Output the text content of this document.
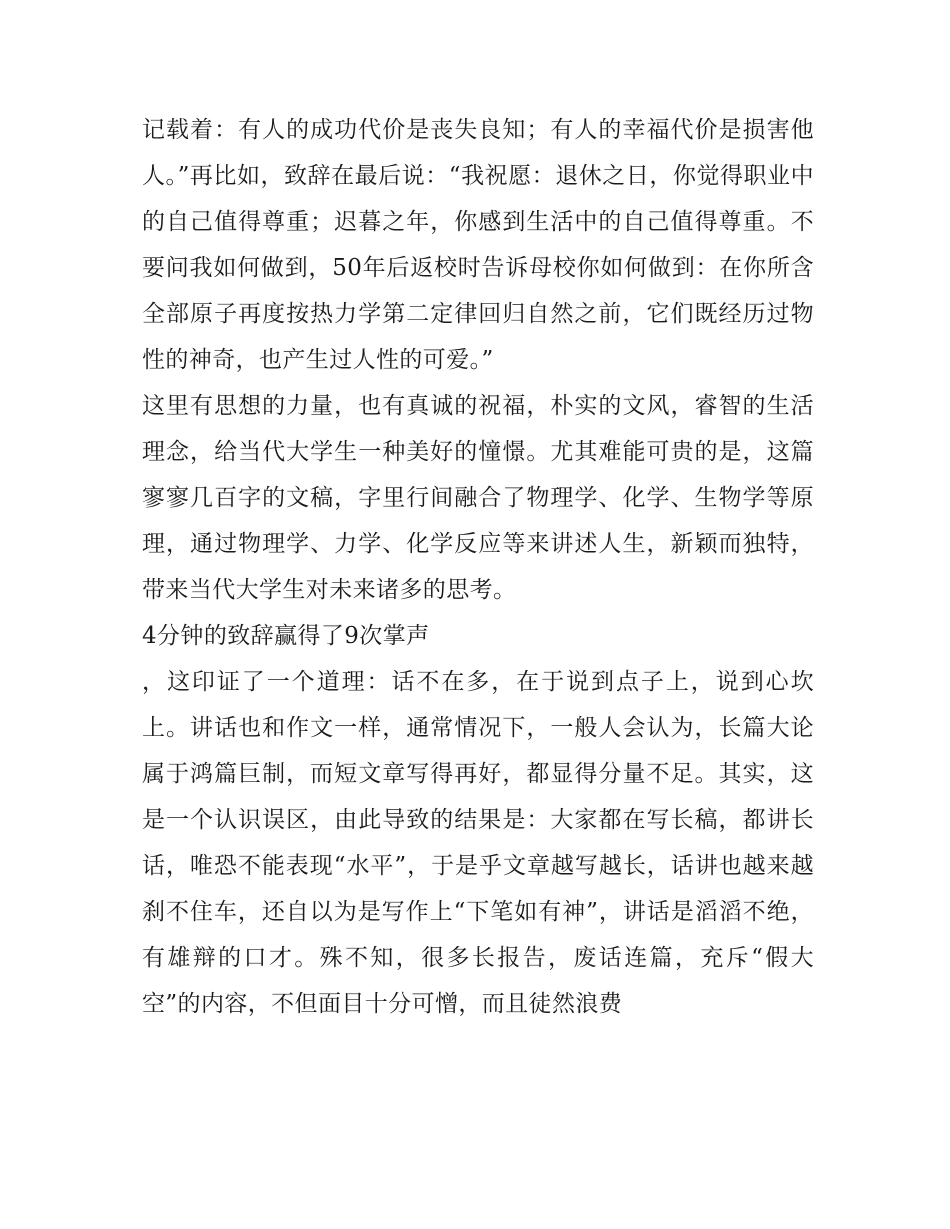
记载着：有人的成功代价是丧失良知；有人的幸福代价是损害他人。”再比如，致辞在最后说：“我祝愿：退休之日，你觉得职业中的自己值得尊重；迟暮之年，你感到生活中的自己值得尊重。不要问我如何做到，50年后返校时告诉母校你如何做到：在你所含全部原子再度按热力学第二定律回归自然之前，它们既经历过物性的神奇，也产生过人性的可爱。”

这里有思想的力量，也有真诚的祝福，朴实的文风，睿智的生活理念，给当代大学生一种美好的憧憬。尤其难能可贵的是，这篇寥寥几百字的文稿，字里行间融合了物理学、化学、生物学等原理，通过物理学、力学、化学反应等来讲述人生，新颖而独特，带来当代大学生对未来诸多的思考。

4分钟的致辞赢得了9次掌声

，这印证了一个道理：话不在多，在于说到点子上，说到心坎上。讲话也和作文一样，通常情况下，一般人会认为，长篇大论属于鸿篇巨制，而短文章写得再好，都显得分量不足。其实，这是一个认识误区，由此导致的结果是：大家都在写长稿，都讲长话，唯恐不能表现“水平”，于是乎文章越写越长，话讲也越来越刹不住车，还自以为是写作上“下笔如有神”，讲话是滔滔不绝，有雄辩的口才。殊不知，很多长报告，废话连篇，充斥“假大空”的内容，不但面目十分可憎，而且徒然浪费
